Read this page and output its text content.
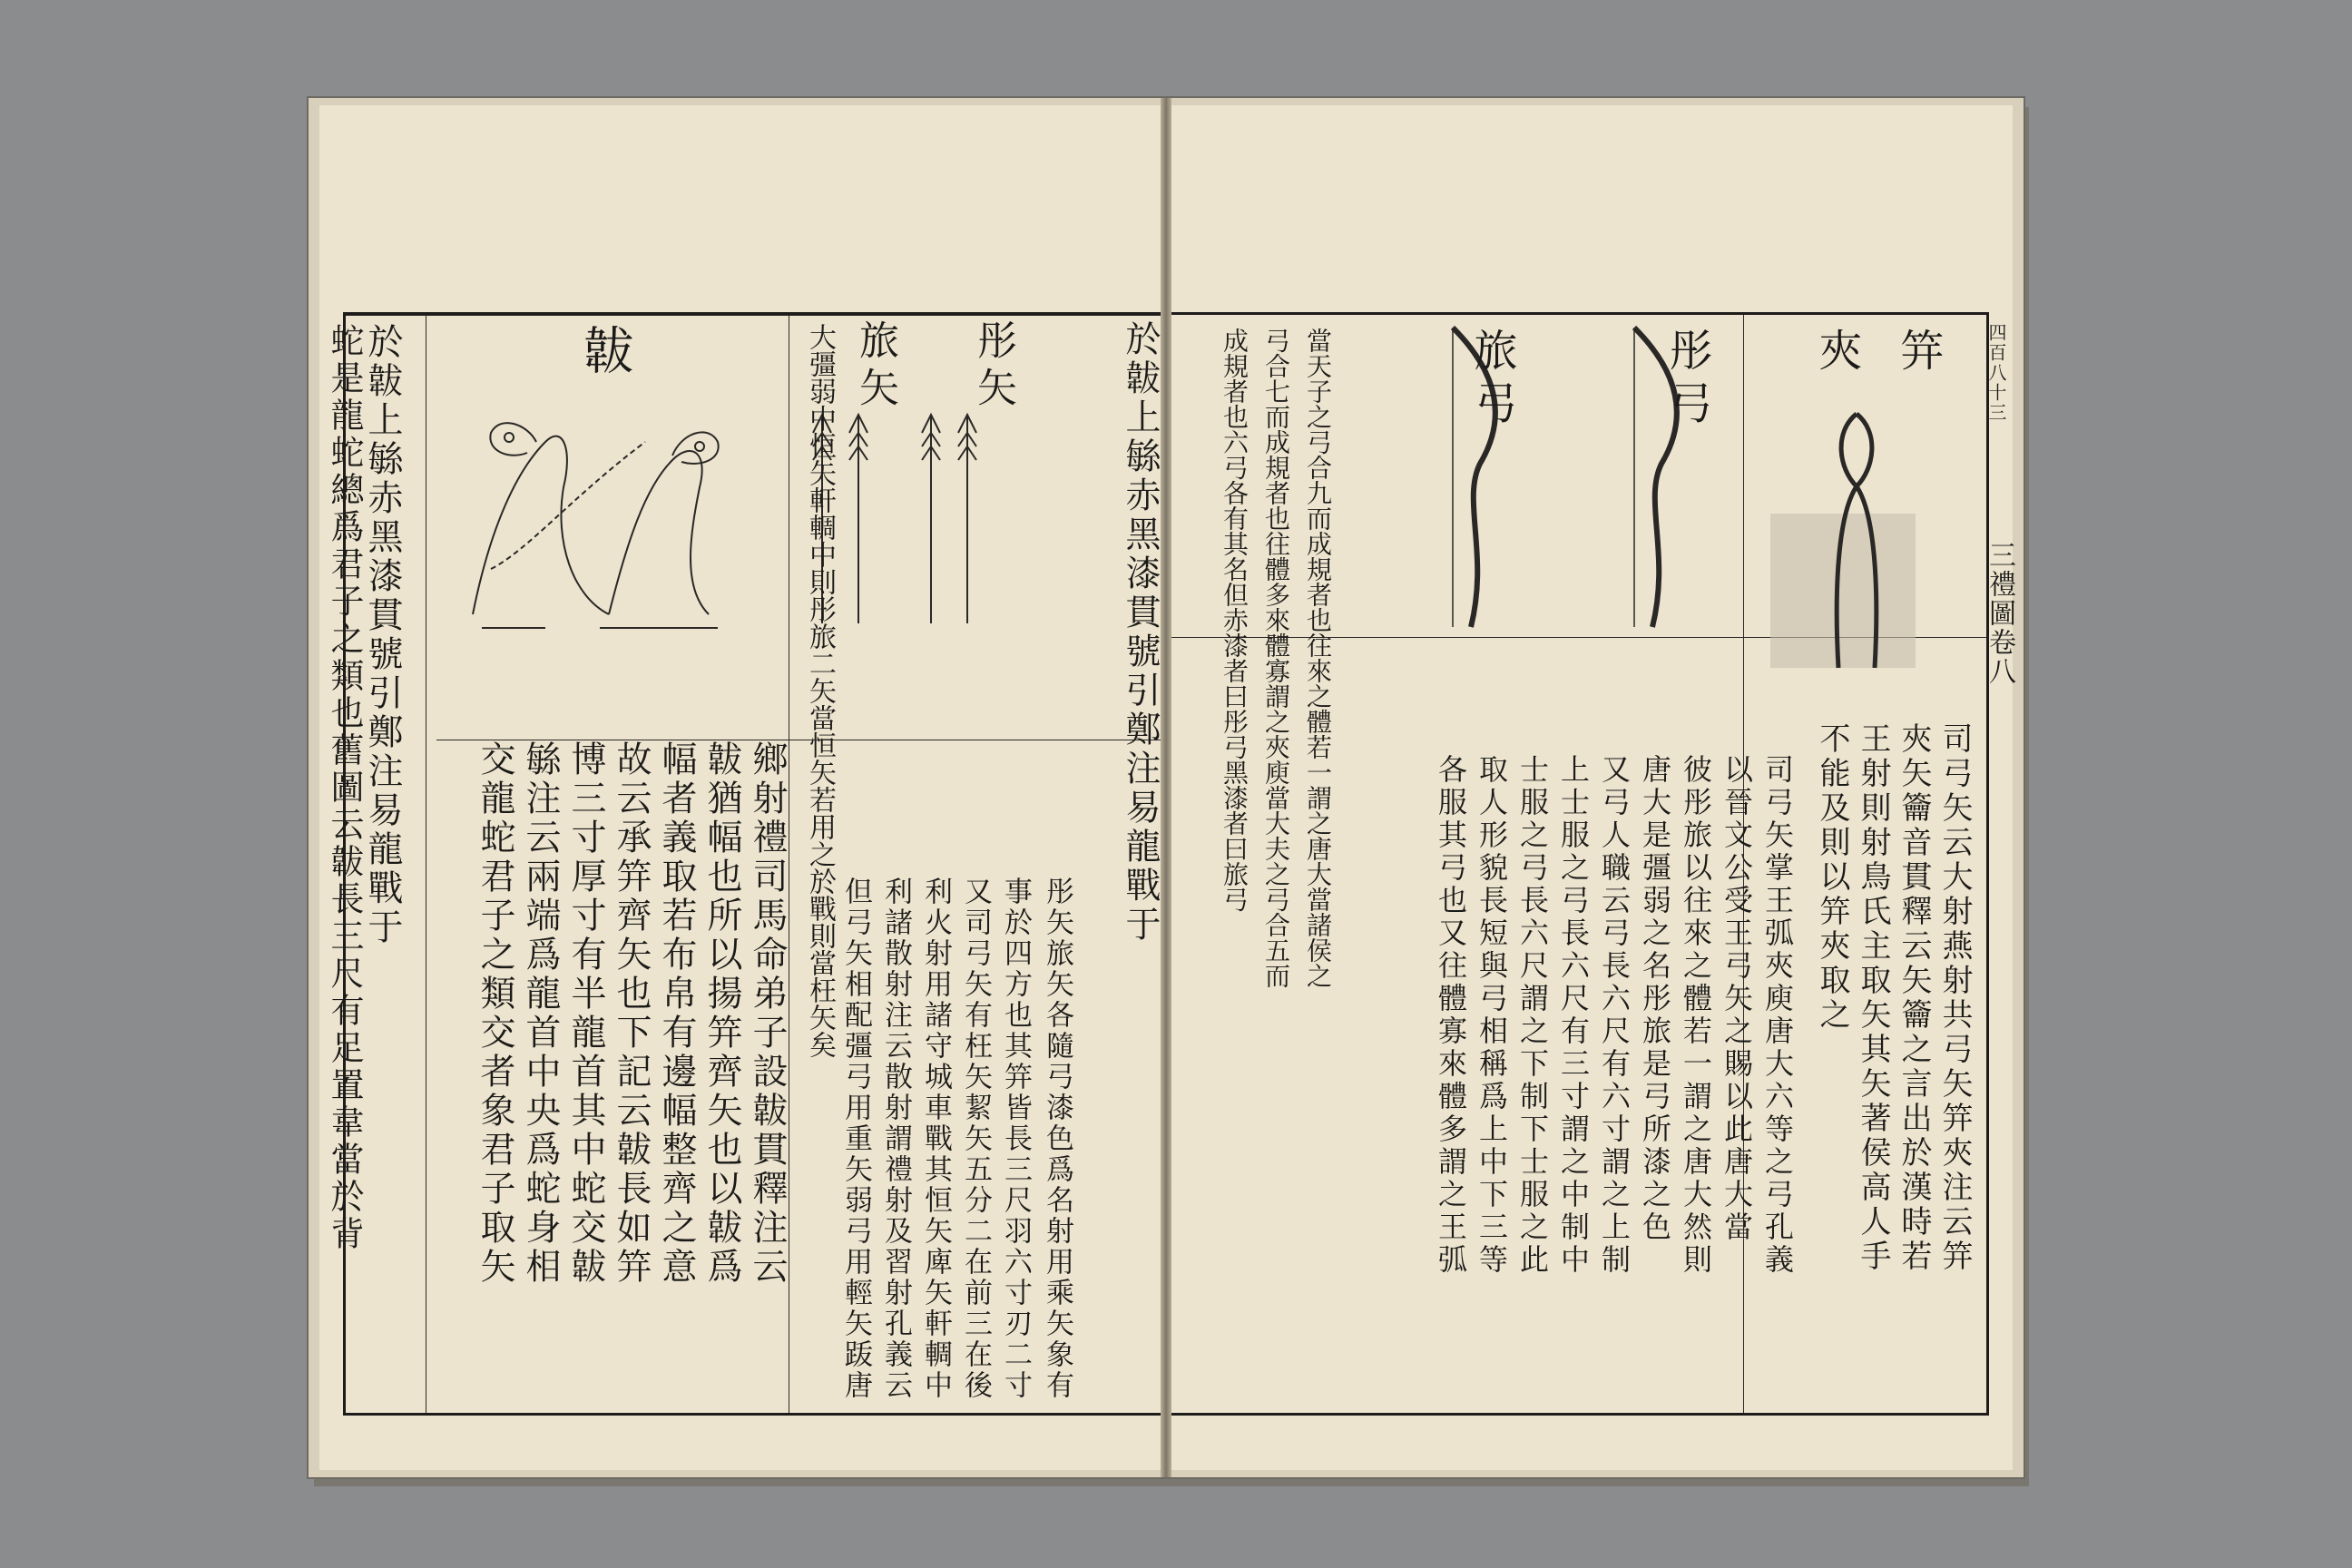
韍	彤矢
旅矢	於韍上䋣赤黑漆貫號引鄭注易龍戰于
於韍上䋣赤黑漆貫號引鄭注易龍戰于
蛇是龍蛇總爲君子之類也舊圖云韍長三尺有足置韋當於背	大彊弱中恒矢軒輖中則彤旅二矢當恒矢若用之於戰則當枉矢矣
鄉射禮司馬命弟子設韍貫釋注云
韍猶幅也所以揚笄齊矢也以韍爲
幅者義取若布帛有邊幅整齊之意
故云承笄齊矢也下記云韍長如笄
博三寸厚寸有半龍首其中蛇交韍
䋣注云兩端爲龍首中央爲蛇身相
交龍蛇君子之類交者象君子取矢	但弓矢相配彊弓用重矢弱弓用輕矢䟦唐 利諸散射注云散射謂禮射及習射孔義云 利火射用諸守城車戰其恒矢庳矢軒輖中 又司弓矢有枉矢絜矢五分二在前三在後 事於四方也其笄皆長三尺羽六寸刃二寸 彤矢旅矢各隨弓漆色爲名射用乘矢象有
三禮圖卷八
四百八十三
旅弓	彤弓 夾 笄
司弓矢云大射燕射共弓矢笄夾注云笄
夾矢籥音貫釋云矢籥之言出於漢時若
王射則射鳥氏主取矢其矢著侯高人手
不能及則以笄夾取之
司弓矢掌王弧夾庾唐大六等之弓孔義
以晉文公受王弓矢之賜以此唐大當
彼彤旅以往來之體若一謂之唐大然則
唐大是彊弱之名彤旅是弓所漆之色
又弓人職云弓長六尺有六寸謂之上制
上士服之弓長六尺有三寸謂之中制中
士服之弓長六尺謂之下制下士服之此
取人形貌長短與弓相稱爲上中下三等
各服其弓也又往體寡來體多謂之王弧
當天子之弓合九而成規者也往來之體若一謂之唐大當諸侯之
弓合七而成規者也往體多來體寡謂之夾庾當大夫之弓合五而
成規者也六弓各有其名但赤漆者曰彤弓黑漆者曰旅弓
